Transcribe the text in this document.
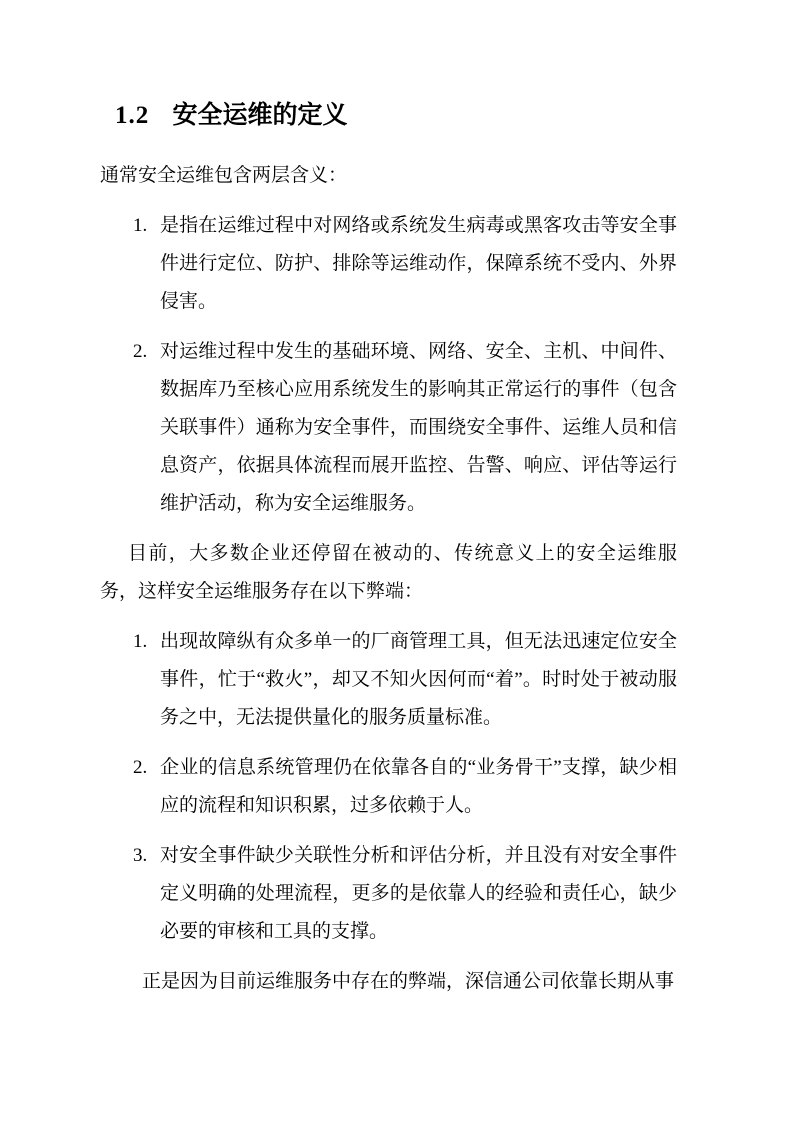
1.2 安全运维的定义

通常安全运维包含两层含义：

1. 是指在运维过程中对网络或系统发生病毒或黑客攻击等安全事件进行定位、防护、排除等运维动作，保障系统不受内、外界侵害。
2. 对运维过程中发生的基础环境、网络、安全、主机、中间件、数据库乃至核心应用系统发生的影响其正常运行的事件（包含关联事件）通称为安全事件，而围绕安全事件、运维人员和信息资产，依据具体流程而展开监控、告警、响应、评估等运行维护活动，称为安全运维服务。

目前，大多数企业还停留在被动的、传统意义上的安全运维服务，这样安全运维服务存在以下弊端：

1. 出现故障纵有众多单一的厂商管理工具，但无法迅速定位安全事件，忙于“救火”，却又不知火因何而“着”。时时处于被动服务之中，无法提供量化的服务质量标准。
2. 企业的信息系统管理仍在依靠各自的“业务骨干”支撑，缺少相应的流程和知识积累，过多依赖于人。
3. 对安全事件缺少关联性分析和评估分析，并且没有对安全事件定义明确的处理流程，更多的是依靠人的经验和责任心，缺少必要的审核和工具的支撑。

正是因为目前运维服务中存在的弊端，深信通公司依靠长期从事
